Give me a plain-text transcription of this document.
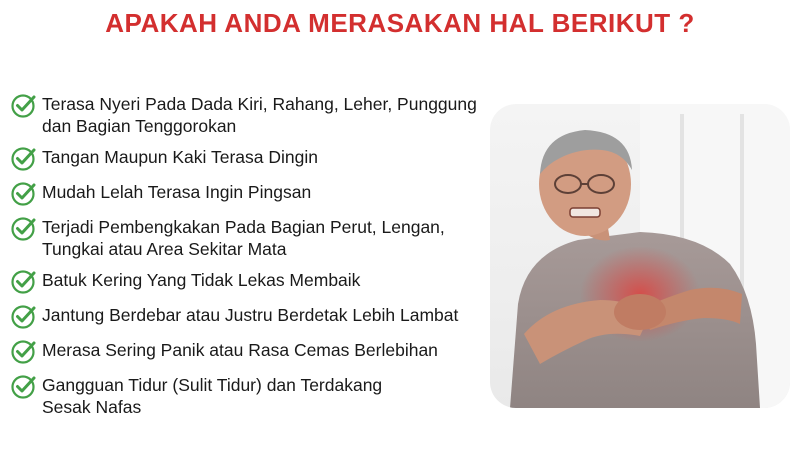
APAKAH ANDA MERASAKAN HAL BERIKUT ?
Terasa Nyeri Pada Dada Kiri, Rahang, Leher, Punggung
dan Bagian Tenggorokan
Tangan Maupun Kaki Terasa Dingin
Mudah Lelah Terasa Ingin Pingsan
Terjadi Pembengkakan Pada Bagian Perut, Lengan,
Tungkai atau Area Sekitar Mata
Batuk Kering Yang Tidak Lekas Membaik
Jantung Berdebar atau Justru Berdetak Lebih Lambat
Merasa Sering Panik atau Rasa Cemas Berlebihan
Gangguan Tidur (Sulit Tidur) dan Terdakang
Sesak Nafas
